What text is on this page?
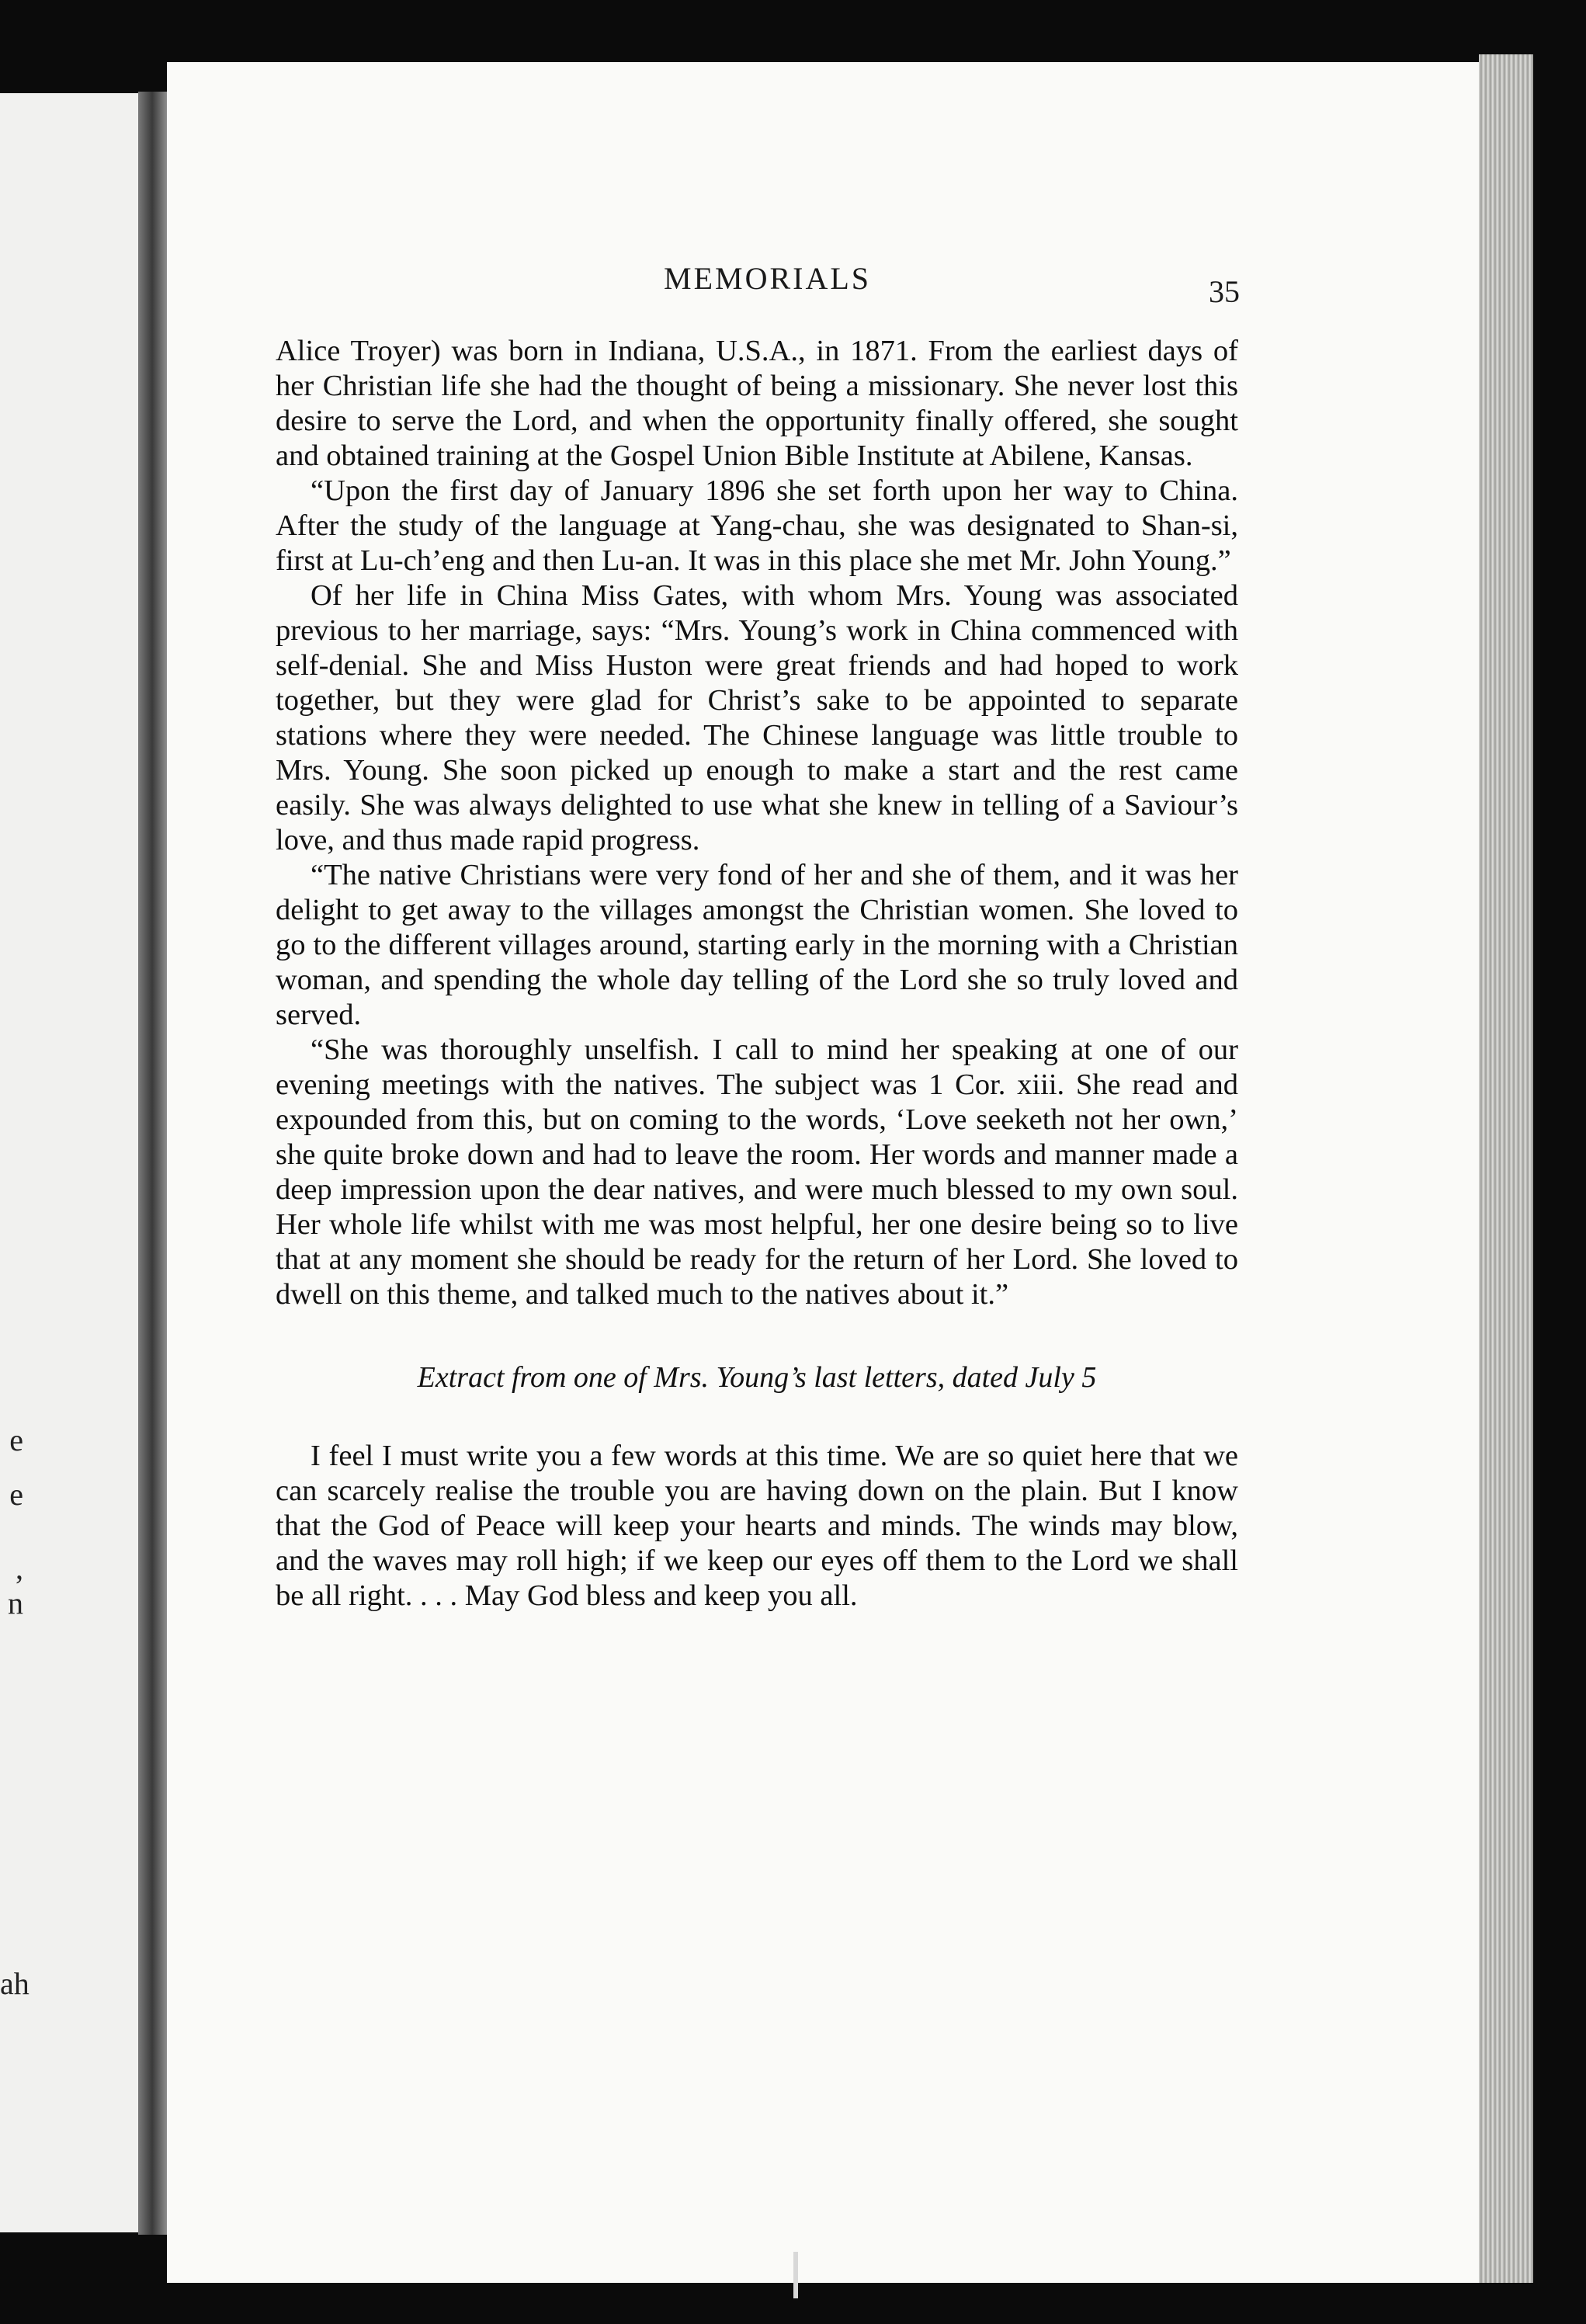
e
e
,
n
ah
MEMORIALS	35

Alice Troyer) was born in Indiana, U.S.A., in 1871. From the earliest days of her Christian life she had the thought of being a missionary. She never lost this desire to serve the Lord, and when the opportunity finally offered, she sought and obtained training at the Gospel Union Bible Institute at Abilene, Kansas.

“Upon the first day of January 1896 she set forth upon her way to China. After the study of the language at Yang-chau, she was designated to Shan-si, first at Lu-ch’eng and then Lu-an. It was in this place she met Mr. John Young.”

Of her life in China Miss Gates, with whom Mrs. Young was associated previous to her marriage, says: “Mrs. Young’s work in China commenced with self-denial. She and Miss Huston were great friends and had hoped to work together, but they were glad for Christ’s sake to be appointed to separate stations where they were needed. The Chinese language was little trouble to Mrs. Young. She soon picked up enough to make a start and the rest came easily. She was always delighted to use what she knew in telling of a Saviour’s love, and thus made rapid progress.

“The native Christians were very fond of her and she of them, and it was her delight to get away to the villages amongst the Christian women. She loved to go to the different villages around, starting early in the morning with a Christian woman, and spending the whole day telling of the Lord she so truly loved and served.

“She was thoroughly unselfish. I call to mind her speaking at one of our evening meetings with the natives. The subject was 1 Cor. xiii. She read and expounded from this, but on coming to the words, ‘Love seeketh not her own,’ she quite broke down and had to leave the room. Her words and manner made a deep impression upon the dear natives, and were much blessed to my own soul. Her whole life whilst with me was most helpful, her one desire being so to live that at any moment she should be ready for the return of her Lord. She loved to dwell on this theme, and talked much to the natives about it.”

Extract from one of Mrs. Young’s last letters, dated July 5

I feel I must write you a few words at this time. We are so quiet here that we can scarcely realise the trouble you are having down on the plain. But I know that the God of Peace will keep your hearts and minds. The winds may blow, and the waves may roll high; if we keep our eyes off them to the Lord we shall be all right. . . . May God bless and keep you all.
